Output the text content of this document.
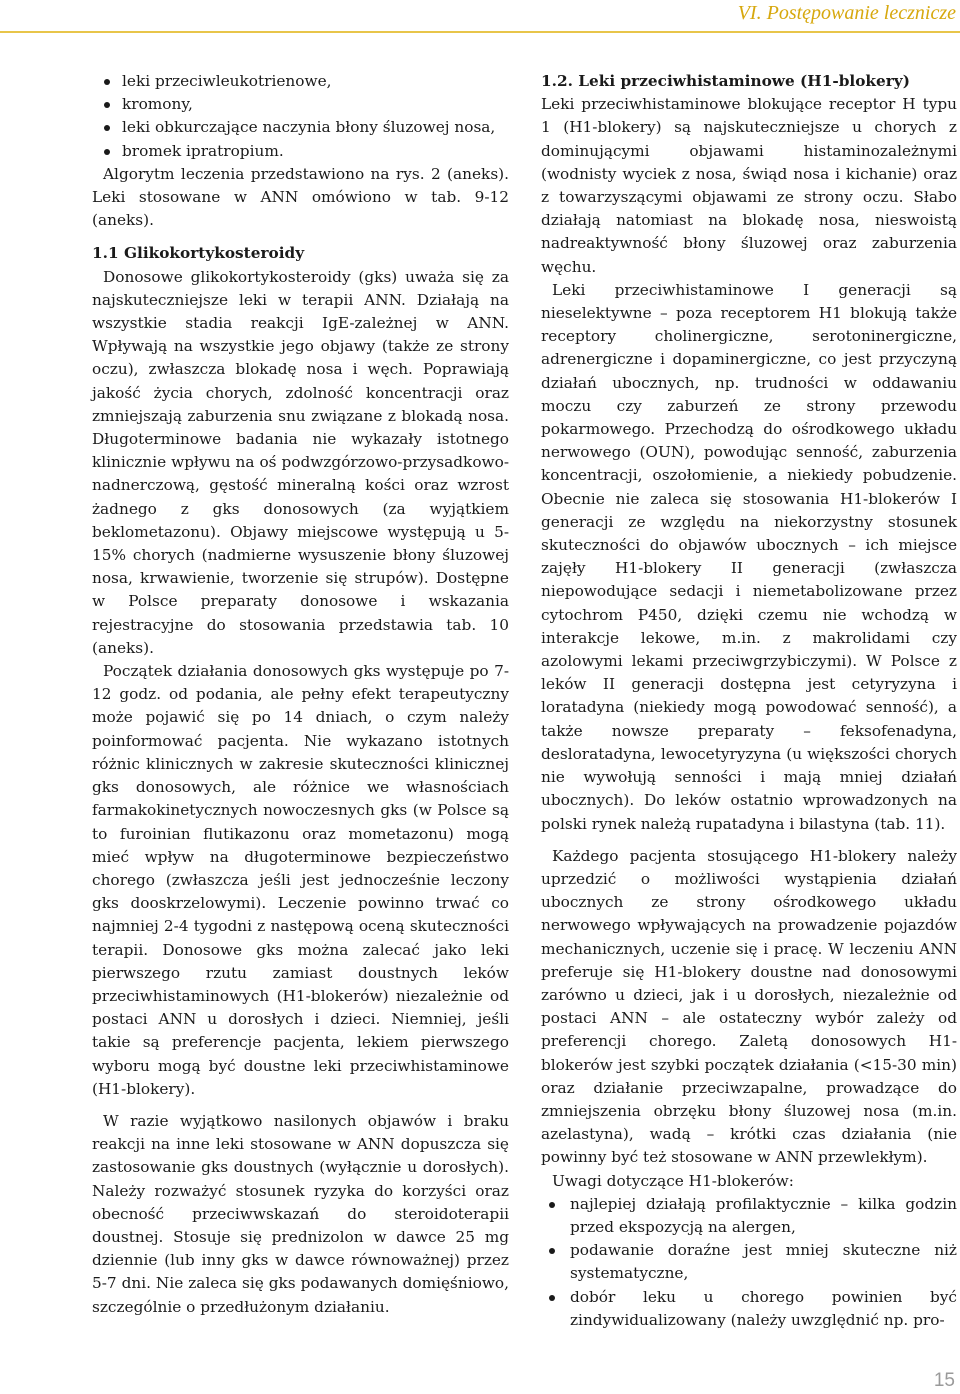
VI. Postępowanie lecznicze
leki przeciwleukotrienowe,
kromony,
leki obkurczające naczynia błony śluzowej nosa,
bromek ipratropium.

Algorytm leczenia przedstawiono na rys. 2 (aneks). Leki stosowane w ANN omówiono w tab. 9-12 (aneks).

1.1 Glikokortykosteroidy

Donosowe glikokortykosteroidy (gks) uważa się za najskuteczniejsze leki w terapii ANN. Działają na wszystkie stadia reakcji IgE-zależnej w ANN. Wpływają na wszystkie jego objawy (także ze strony oczu), zwłaszcza blokadę nosa i węch. Poprawiają jakość życia chorych, zdolność koncentracji oraz zmniejszają zaburzenia snu związane z blokadą nosa. Długoterminowe badania nie wykazały istotnego klinicznie wpływu na oś podwzgórzowo-przysadkowo-nadnerczową, gęstość mineralną kości oraz wzrost żadnego z gks donosowych (za wyjątkiem beklometazonu). Objawy miejscowe występują u 5-15% chorych (nadmierne wysuszenie błony śluzowej nosa, krwawienie, tworzenie się strupów). Dostępne w Polsce preparaty donosowe i wskazania rejestracyjne do stosowania przedstawia tab. 10 (aneks).

Początek działania donosowych gks występuje po 7-12 godz. od podania, ale pełny efekt terapeutyczny może pojawić się po 14 dniach, o czym należy poinformować pacjenta. Nie wykazano istotnych różnic klinicznych w zakresie skuteczności klinicznej gks donosowych, ale różnice we własnościach farmakokinetycznych nowoczesnych gks (w Polsce są to furoinian flutikazonu oraz mometazonu) mogą mieć wpływ na długoterminowe bezpieczeństwo chorego (zwłaszcza jeśli jest jednocześnie leczony gks dooskrzelowymi). Leczenie powinno trwać co najmniej 2-4 tygodni z następową oceną skuteczności terapii. Donosowe gks można zalecać jako leki pierwszego rzutu zamiast doustnych leków przeciwhistaminowych (H1-blokerów) niezależnie od postaci ANN u dorosłych i dzieci. Niemniej, jeśli takie są preferencje pacjenta, lekiem pierwszego wyboru mogą być doustne leki przeciwhistaminowe (H1-blokery).

W razie wyjątkowo nasilonych objawów i braku reakcji na inne leki stosowane w ANN dopuszcza się zastosowanie gks doustnych (wyłącznie u dorosłych). Należy rozważyć stosunek ryzyka do korzyści oraz obecność przeciwwskazań do steroidoterapii doustnej. Stosuje się prednizolon w dawce 25 mg dziennie (lub inny gks w dawce równoważnej) przez 5-7 dni. Nie zaleca się gks podawanych domięśniowo, szczególnie o przedłużonym działaniu.

1.2. Leki przeciwhistaminowe (H1-blokery)

Leki przeciwhistaminowe blokujące receptor H typu 1 (H1-blokery) są najskuteczniejsze u chorych z dominującymi objawami histaminozależnymi (wodnisty wyciek z nosa, świąd nosa i kichanie) oraz z towarzyszącymi objawami ze strony oczu. Słabo działają natomiast na blokadę nosa, nieswoistą nadreaktywność błony śluzowej oraz zaburzenia węchu.

Leki przeciwhistaminowe I generacji są nieselektywne – poza receptorem H1 blokują także receptory cholinergiczne, serotoninergiczne, adrenergiczne i dopaminergiczne, co jest przyczyną działań ubocznych, np. trudności w oddawaniu moczu czy zaburzeń ze strony przewodu pokarmowego. Przechodzą do ośrodkowego układu nerwowego (OUN), powodując senność, zaburzenia koncentracji, oszołomienie, a niekiedy pobudzenie. Obecnie nie zaleca się stosowania H1-blokerów I generacji ze względu na niekorzystny stosunek skuteczności do objawów ubocznych – ich miejsce zajęły H1-blokery II generacji (zwłaszcza niepowodujące sedacji i niemetabolizowane przez cytochrom P450, dzięki czemu nie wchodzą w interakcje lekowe, m.in. z makrolidami czy azolowymi lekami przeciwgrzybiczymi). W Polsce z leków II generacji dostępna jest cetyryzyna i loratadyna (niekiedy mogą powodować senność), a także nowsze preparaty – feksofenadyna, desloratadyna, lewocetyryzyna (u większości chorych nie wywołują senności i mają mniej działań ubocznych). Do leków ostatnio wprowadzonych na polski rynek należą rupatadyna i bilastyna (tab. 11).

Każdego pacjenta stosującego H1-blokery należy uprzedzić o możliwości wystąpienia działań ubocznych ze strony ośrodkowego układu nerwowego wpływających na prowadzenie pojazdów mechanicznych, uczenie się i pracę. W leczeniu ANN preferuje się H1-blokery doustne nad donosowymi zarówno u dzieci, jak i u dorosłych, niezależnie od postaci ANN – ale ostateczny wybór zależy od preferencji chorego. Zaletą donosowych H1-blokerów jest szybki początek działania (<15-30 min) oraz działanie przeciwzapalne, prowadzące do zmniejszenia obrzęku błony śluzowej nosa (m.in. azelastyna), wadą – krótki czas działania (nie powinny być też stosowane w ANN przewlekłym).

Uwagi dotyczące H1-blokerów:

najlepiej działają profilaktycznie – kilka godzin przed ekspozycją na alergen,
podawanie doraźne jest mniej skuteczne niż systematyczne,
dobór leku u chorego powinien być zindywidualizowany (należy uwzględnić np. pro-
15
